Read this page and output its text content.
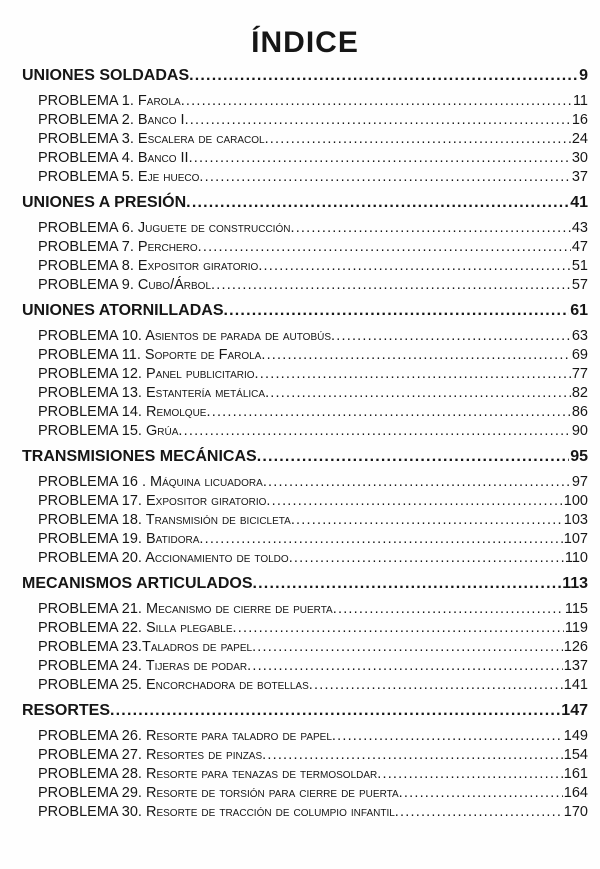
ÍNDICE
UNIONES SOLDADAS .....	9
PROBLEMA 1. Farola .....	11
PROBLEMA 2. Banco I .....	16
PROBLEMA 3. Escalera de caracol .....	24
PROBLEMA 4. Banco II .....	30
PROBLEMA 5. Eje hueco .....	37
UNIONES A PRESIÓN .....	41
PROBLEMA 6. Juguete de construcción .....	43
PROBLEMA 7. Perchero .....	47
PROBLEMA 8. Expositor giratorio .....	51
PROBLEMA 9. Cubo/Árbol .....	57
UNIONES ATORNILLADAS .....	61
PROBLEMA 10. Asientos de parada de autobús .....	63
PROBLEMA 11. Soporte de Farola .....	69
PROBLEMA 12. Panel publicitario .....	77
PROBLEMA 13. Estantería metálica .....	82
PROBLEMA 14. Remolque .....	86
PROBLEMA 15. Grúa .....	90
TRANSMISIONES MECÁNICAS .....	95
PROBLEMA 16 . Máquina licuadora .....	97
PROBLEMA 17. Expositor giratorio .....	100
PROBLEMA 18. Transmisión de bicicleta .....	103
PROBLEMA 19. Batidora .....	107
PROBLEMA 20. Accionamiento de toldo .....	110
MECANISMOS ARTICULADOS .....	113
PROBLEMA 21. Mecanismo de cierre de puerta .....	115
PROBLEMA 22. Silla plegable .....	119
PROBLEMA 23.Taladros de papel .....	126
PROBLEMA 24. Tijeras de podar .....	137
PROBLEMA 25. Encorchadora de botellas .....	141
RESORTES .....	147
PROBLEMA 26. Resorte para taladro de papel .....	149
PROBLEMA 27. Resortes de pinzas .....	154
PROBLEMA 28. Resorte para tenazas de termosoldar .....	161
PROBLEMA 29. Resorte de torsión para cierre de puerta .....	164
PROBLEMA 30. Resorte de tracción de columpio infantil .....	170
